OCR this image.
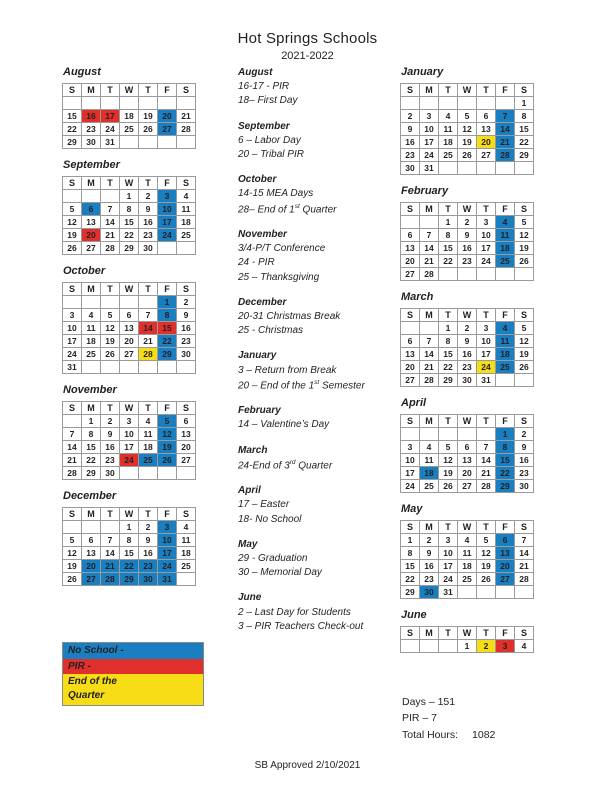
Hot Springs Schools
2021-2022
August
S	M	T	W	T	F	S

15	16	17	18	19	20	21
22	23	24	25	26	27	28
29	30	31				
September
S	M	T	W	T	F	S
			1	2	3	4
5	6	7	8	9	10	11
12	13	14	15	16	17	18
19	20	21	22	23	24	25
26	27	28	29	30		
October
S	M	T	W	T	F	S
					1	2
3	4	5	6	7	8	9
10	11	12	13	14	15	16
17	18	19	20	21	22	23
24	25	26	27	28	29	30
31						
November
S	M	T	W	T	F	S
	1	2	3	4	5	6
7	8	9	10	11	12	13
14	15	16	17	18	19	20
21	22	23	24	25	26	27
28	29	30				
December
S	M	T	W	T	F	S
			1	2	3	4
5	6	7	8	9	10	11
12	13	14	15	16	17	18
19	20	21	22	23	24	25
26	27	28	29	30	31	
August
16-17 - PIR
18– First Day
September
6 – Labor Day
20 – Tribal PIR
October
14-15 MEA Days
28– End of 1st Quarter
November
3/4-P/T Conference
24 - PIR
25 – Thanksgiving
December
20-31 Christmas Break
25 - Christmas
January
3 – Return from Break
20 – End of the 1st Semester
February
14 – Valentine’s Day
March
24-End of 3rd Quarter
April
17 – Easter
18- No School
May
29 - Graduation
30 – Memorial Day
June
2 – Last Day for Students
3 – PIR Teachers Check-out
January
S	M	T	W	T	F	S
						1
2	3	4	5	6	7	8
9	10	11	12	13	14	15
16	17	18	19	20	21	22
23	24	25	26	27	28	29
30	31					
February
S	M	T	W	T	F	S
		1	2	3	4	5
6	7	8	9	10	11	12
13	14	15	16	17	18	19
20	21	22	23	24	25	26
27	28					
March
S	M	T	W	T	F	S
		1	2	3	4	5
6	7	8	9	10	11	12
13	14	15	16	17	18	19
20	21	22	23	24	25	26
27	28	29	30	31		
April
S	M	T	W	T	F	S
					1	2
3	4	5	6	7	8	9
10	11	12	13	14	15	16
17	18	19	20	21	22	23
24	25	26	27	28	29	30
May
S	M	T	W	T	F	S
1	2	3	4	5	6	7
8	9	10	11	12	13	14
15	16	17	18	19	20	21
22	23	24	25	26	27	28
29	30	31				
June
S	M	T	W	T	F	S
			1	2	3	4
No School -
PIR -
End of the
Quarter
Days – 151
PIR – 7
Total Hours: 1082
SB Approved 2/10/2021
